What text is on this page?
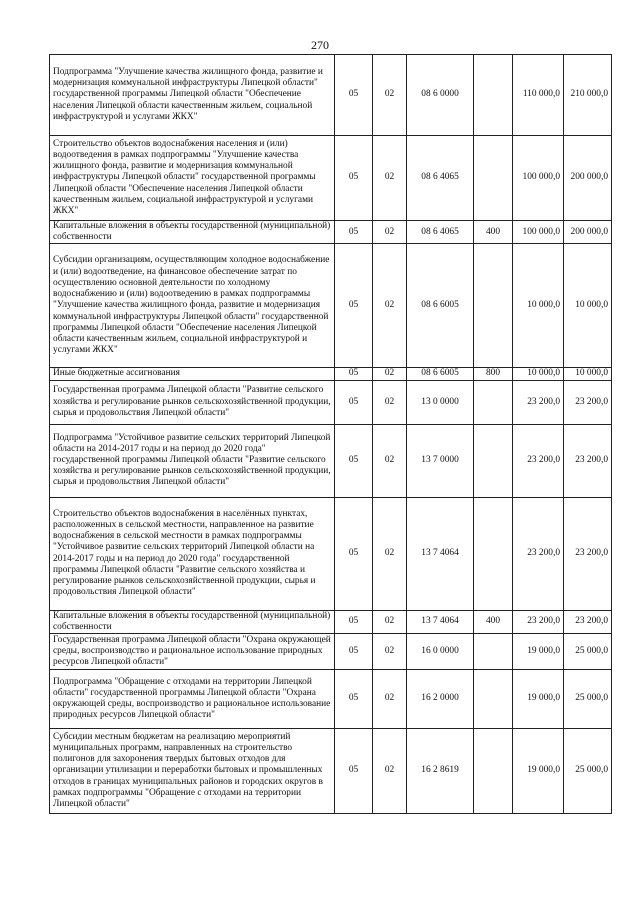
270
Подпрограмма "Улучшение качества жилищного фонда, развитие и модернизация коммунальной инфраструктуры Липецкой области" государственной программы Липецкой области "Обеспечение населения Липецкой области качественным жильем, социальной инфраструктурой и услугами ЖКХ"	05	02	08 6 0000		110 000,0	210 000,0
Строительство объектов водоснабжения населения и (или) водоотведения в рамках подпрограммы "Улучшение качества жилищного фонда, развитие и модернизация коммунальной инфраструктуры Липецкой области" государственной программы Липецкой области "Обеспечение населения Липецкой области качественным жильем, социальной инфраструктурой и услугами ЖКХ"	05	02	08 6 4065		100 000,0	200 000,0
Капитальные вложения в объекты государственной (муниципальной) собственности	05	02	08 6 4065	400	100 000,0	200 000,0
Субсидии организациям, осуществляющим холодное водоснабжение и (или) водоотведение, на финансовое обеспечение затрат по осуществлению основной деятельности по холодному водоснабжению и (или) водоотведению в рамках подпрограммы "Улучшение качества жилищного фонда, развитие и модернизация коммунальной инфраструктуры Липецкой области" государственной программы Липецкой области "Обеспечение населения Липецкой области качественным жильем, социальной инфраструктурой и услугами ЖКХ"	05	02	08 6 6005		10 000,0	10 000,0
Иные бюджетные ассигнования	05	02	08 6 6005	800	10 000,0	10 000,0
Государственная программа Липецкой области "Развитие сельского хозяйства и регулирование рынков сельскохозяйственной продукции, сырья и продовольствия Липецкой области"	05	02	13 0 0000		23 200,0	23 200,0
Подпрограмма "Устойчивое развитие сельских территорий Липецкой области на 2014-2017 годы и на период до 2020 года" государственной программы Липецкой области "Развитие сельского хозяйства и регулирование рынков сельскохозяйственной продукции, сырья и продовольствия Липецкой области"	05	02	13 7 0000		23 200,0	23 200,0
Строительство объектов водоснабжения в населённых пунктах, расположенных в сельской местности, направленное на развитие водоснабжения в сельской местности в рамках подпрограммы "Устойчивое развитие сельских территорий Липецкой области на 2014-2017 годы и на период до 2020 года" государственной программы Липецкой области "Развитие сельского хозяйства и регулирование рынков сельскохозяйственной продукции, сырья и продовольствия Липецкой области"	05	02	13 7 4064		23 200,0	23 200,0
Капитальные вложения в объекты государственной (муниципальной) собственности	05	02	13 7 4064	400	23 200,0	23 200,0
Государственная программа Липецкой области "Охрана окружающей среды, воспроизводство и рациональное использование природных ресурсов Липецкой области"	05	02	16 0 0000		19 000,0	25 000,0
Подпрограмма "Обращение с отходами на территории Липецкой области" государственной программы Липецкой области "Охрана окружающей среды, воспроизводство и рациональное использование природных ресурсов Липецкой области"	05	02	16 2 0000		19 000,0	25 000,0
Субсидии местным бюджетам на реализацию мероприятий муниципальных программ, направленных на строительство полигонов для захоронения твердых бытовых отходов для организации утилизации и переработки бытовых и промышленных отходов в границах муниципальных районов и городских округов в рамках подпрограммы "Обращение с отходами на территории Липецкой области"	05	02	16 2 8619		19 000,0	25 000,0
